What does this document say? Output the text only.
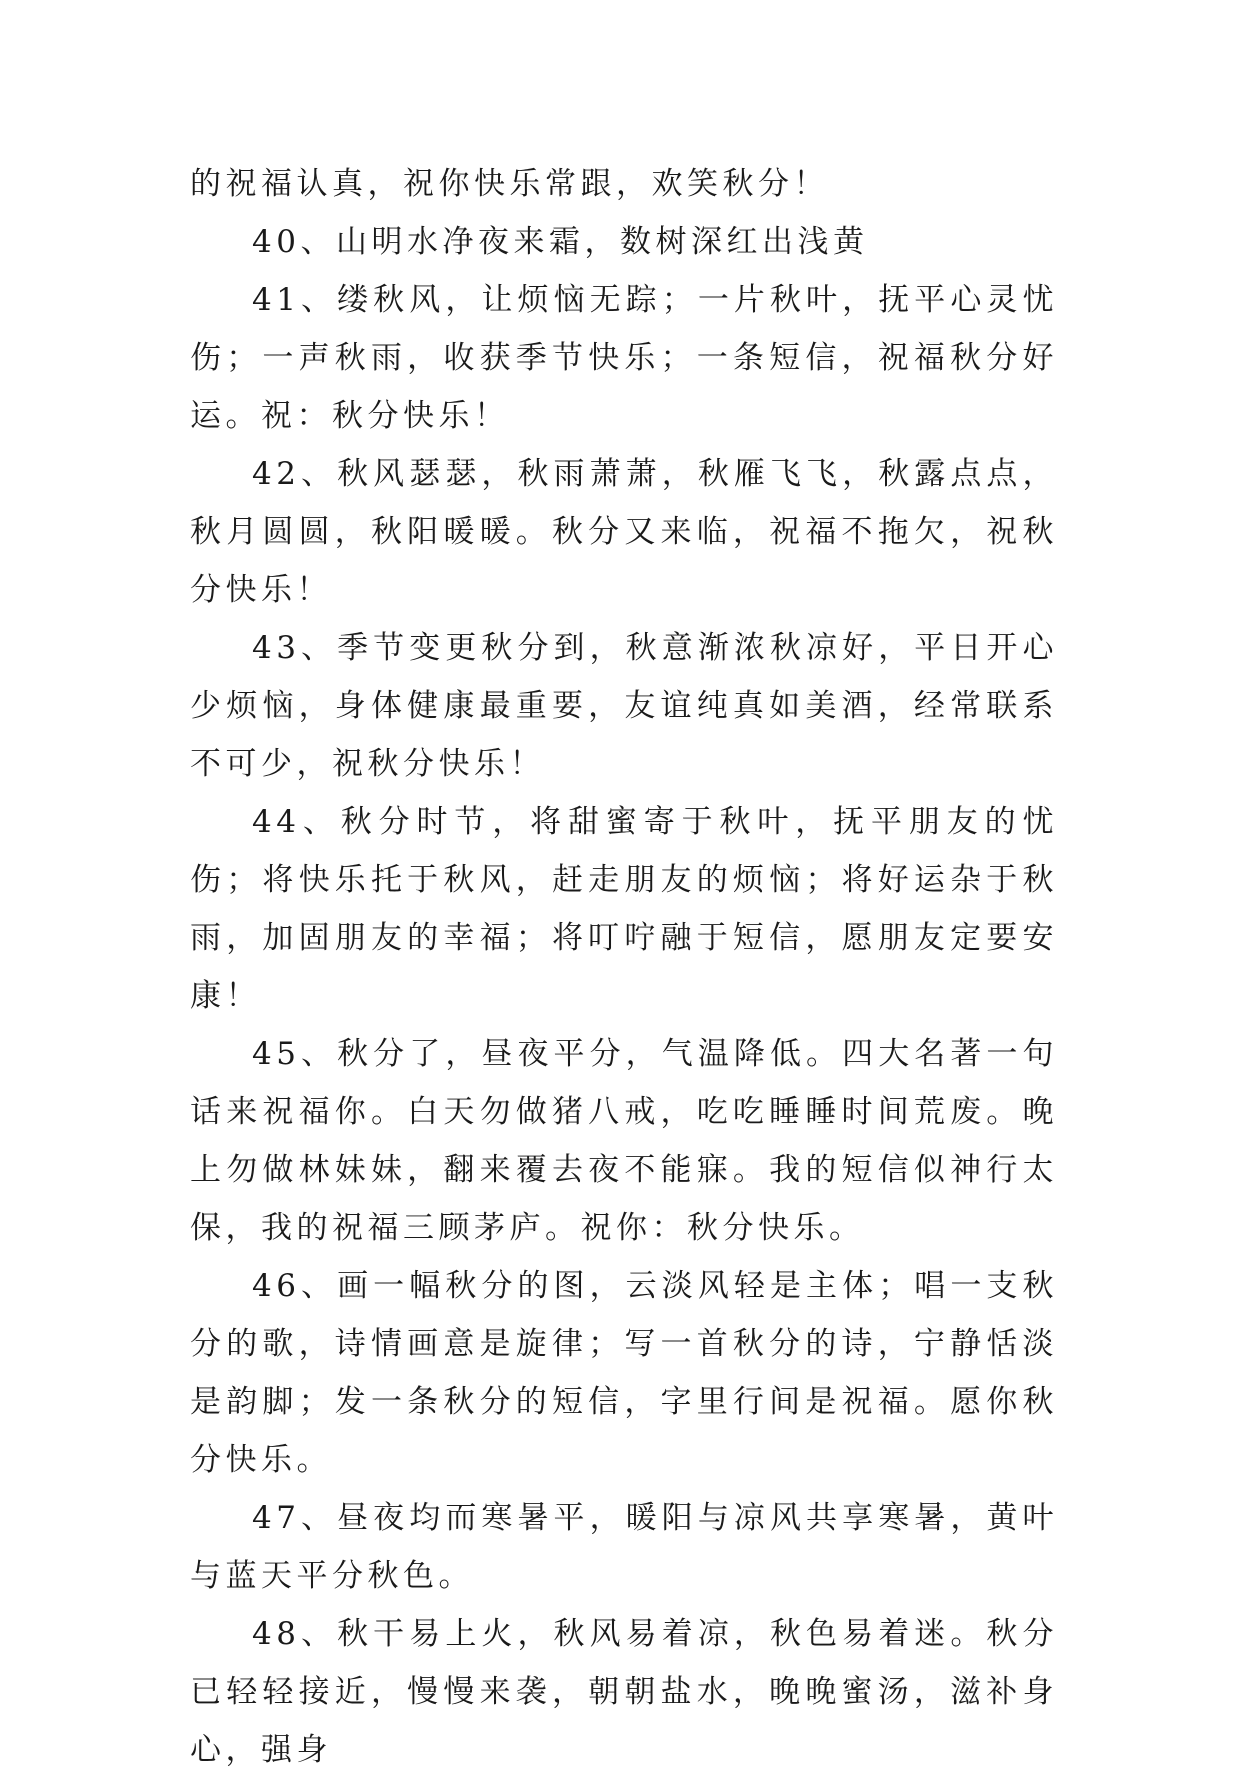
的祝福认真，祝你快乐常跟，欢笑秋分！

40、山明水净夜来霜，数树深红出浅黄

41、缕秋风，让烦恼无踪；一片秋叶，抚平心灵忧伤；一声秋雨，收获季节快乐；一条短信，祝福秋分好运。祝：秋分快乐！

42、秋风瑟瑟，秋雨萧萧，秋雁飞飞，秋露点点，秋月圆圆，秋阳暖暖。秋分又来临，祝福不拖欠，祝秋分快乐！

43、季节变更秋分到，秋意渐浓秋凉好，平日开心少烦恼，身体健康最重要，友谊纯真如美酒，经常联系不可少，祝秋分快乐！

44、秋分时节，将甜蜜寄于秋叶，抚平朋友的忧伤；将快乐托于秋风，赶走朋友的烦恼；将好运杂于秋雨，加固朋友的幸福；将叮咛融于短信，愿朋友定要安康！

45、秋分了，昼夜平分，气温降低。四大名著一句话来祝福你。白天勿做猪八戒，吃吃睡睡时间荒废。晚上勿做林妹妹，翻来覆去夜不能寐。我的短信似神行太保，我的祝福三顾茅庐。祝你：秋分快乐。

46、画一幅秋分的图，云淡风轻是主体；唱一支秋分的歌，诗情画意是旋律；写一首秋分的诗，宁静恬淡是韵脚；发一条秋分的短信，字里行间是祝福。愿你秋分快乐。

47、昼夜均而寒暑平，暖阳与凉风共享寒暑，黄叶与蓝天平分秋色。

48、秋干易上火，秋风易着凉，秋色易着迷。秋分已轻轻接近，慢慢来袭，朝朝盐水，晚晚蜜汤，滋补身心，强身
